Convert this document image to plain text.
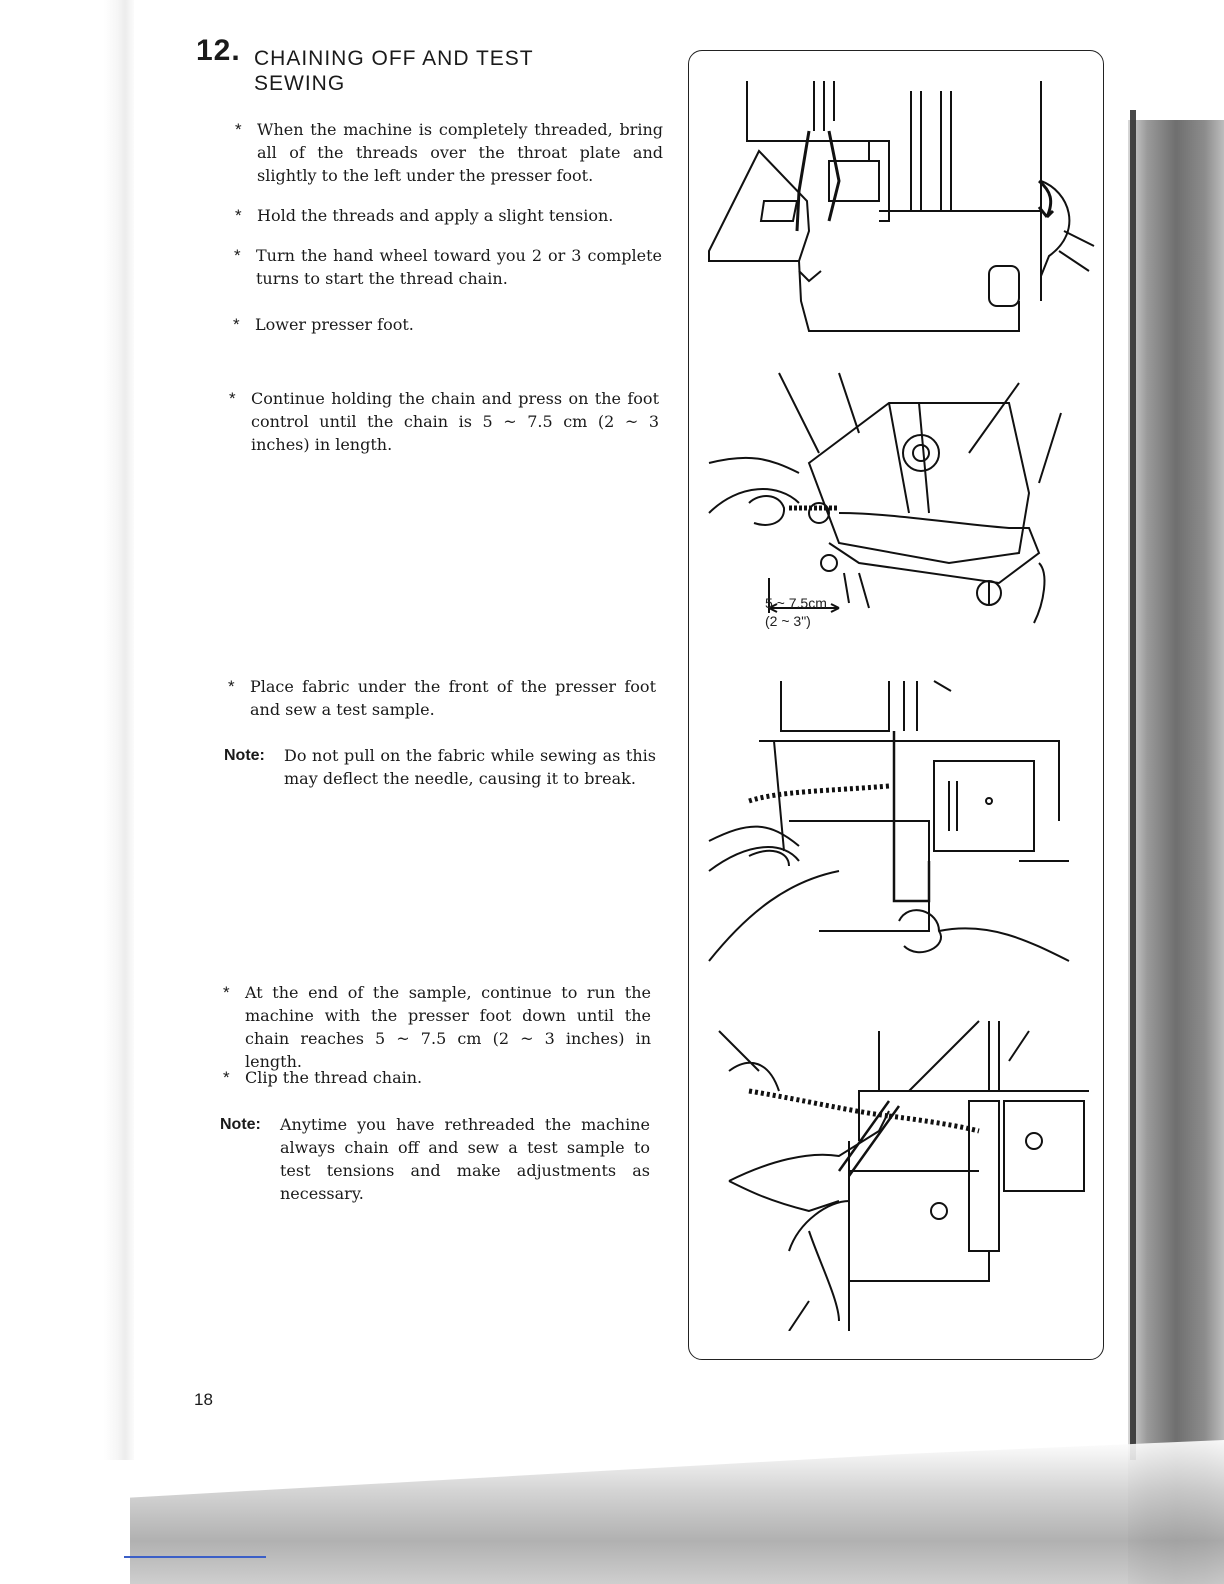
12. CHAINING OFF AND TEST SEWING
* When the machine is completely threaded, bring all of the threads over the throat plate and slightly to the left under the presser foot.
* Hold the threads and apply a slight tension.
* Turn the hand wheel toward you 2 or 3 complete turns to start the thread chain.
* Lower presser foot.
* Continue holding the chain and press on the foot control until the chain is 5 ~ 7.5 cm (2 ~ 3 inches) in length.
* Place fabric under the front of the presser foot and sew a test sample.
Note: Do not pull on the fabric while sewing as this may deflect the needle, causing it to break.
* At the end of the sample, continue to run the machine with the presser foot down until the chain reaches 5 ~ 7.5 cm (2 ~ 3 inches) in length.
* Clip the thread chain.
Note: Anytime you have rethreaded the machine always chain off and sew a test sample to test tensions and make adjustments as necessary.
18
5 ~ 7.5cm
(2 ~ 3")
